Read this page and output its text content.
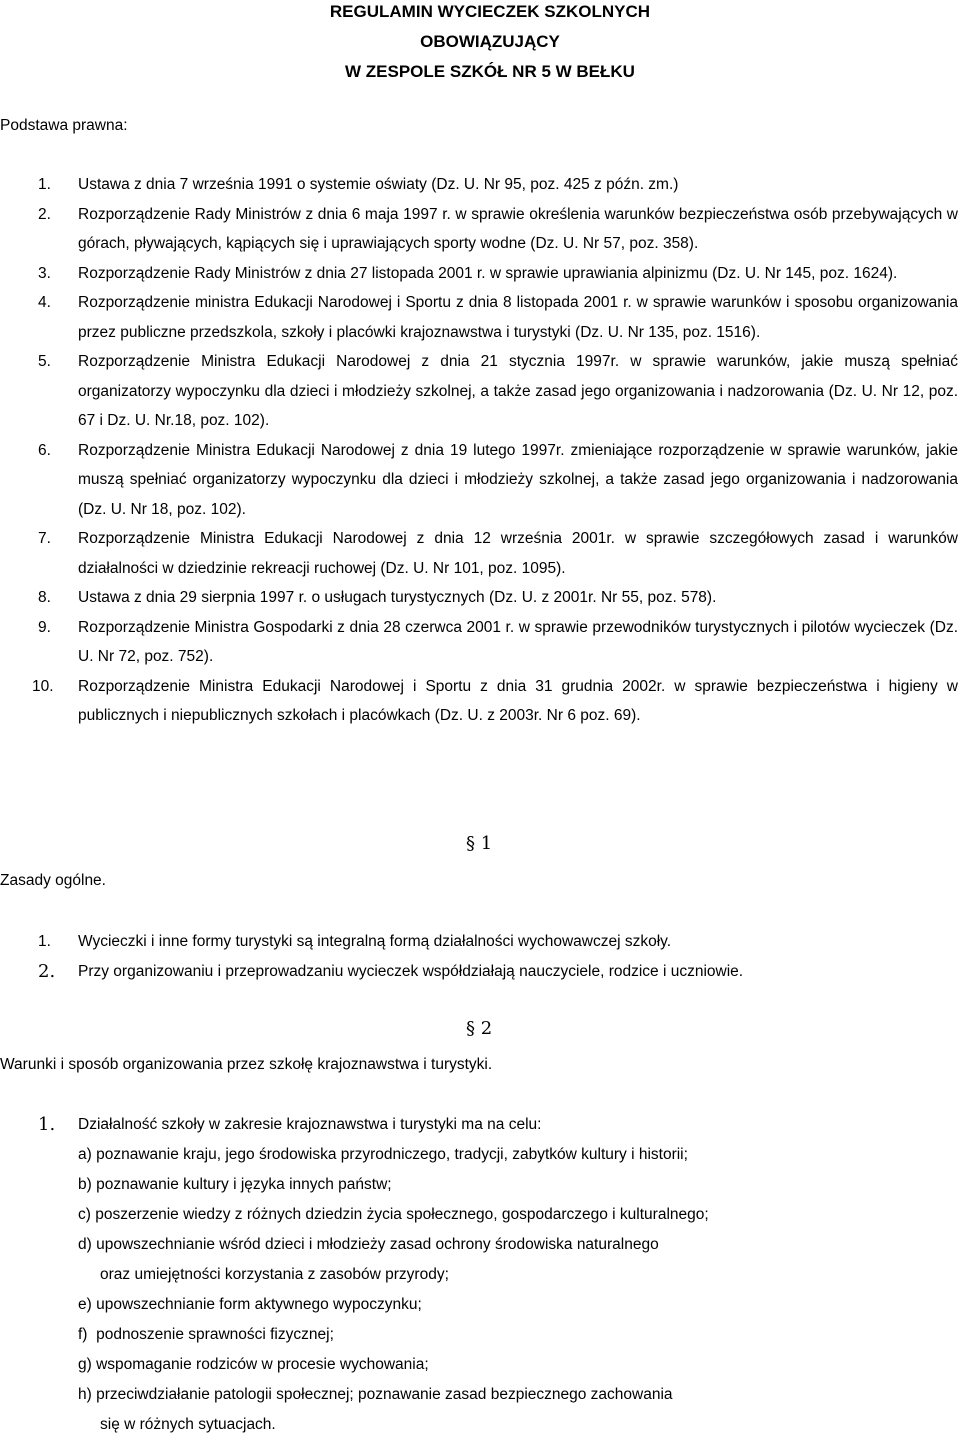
REGULAMIN WYCIECZEK SZKOLNYCH
OBOWIĄZUJĄCY
W ZESPOLE SZKÓŁ NR 5 W BEŁKU
Podstawa prawna:
1. Ustawa z dnia 7 września 1991 o systemie oświaty (Dz. U. Nr 95, poz. 425 z późn. zm.)
2. Rozporządzenie Rady Ministrów z dnia 6 maja 1997 r. w sprawie określenia warunków bezpieczeństwa osób przebywających w górach, pływających, kąpiących się i uprawiających sporty wodne (Dz. U. Nr 57, poz. 358).
3. Rozporządzenie Rady Ministrów z dnia 27 listopada 2001 r. w sprawie uprawiania alpinizmu (Dz. U. Nr 145, poz. 1624).
4. Rozporządzenie ministra Edukacji Narodowej i Sportu z dnia 8 listopada 2001 r. w sprawie warunków i sposobu organizowania przez publiczne przedszkola, szkoły i placówki krajoznawstwa i turystyki (Dz. U. Nr 135, poz. 1516).
5. Rozporządzenie Ministra Edukacji Narodowej z dnia 21 stycznia 1997r. w sprawie warunków, jakie muszą spełniać organizatorzy wypoczynku dla dzieci i młodzieży szkolnej, a także zasad jego organizowania i nadzorowania (Dz. U. Nr 12, poz. 67 i Dz. U. Nr.18, poz. 102).
6. Rozporządzenie Ministra Edukacji Narodowej z dnia 19 lutego 1997r. zmieniające rozporządzenie w sprawie warunków, jakie muszą spełniać organizatorzy wypoczynku dla dzieci i młodzieży szkolnej, a także zasad jego organizowania i nadzorowania (Dz. U. Nr 18, poz. 102).
7. Rozporządzenie Ministra Edukacji Narodowej z dnia 12 września 2001r. w sprawie szczegółowych zasad i warunków działalności w dziedzinie rekreacji ruchowej (Dz. U. Nr 101, poz. 1095).
8. Ustawa z dnia 29 sierpnia 1997 r. o usługach turystycznych (Dz. U. z 2001r. Nr 55, poz. 578).
9. Rozporządzenie Ministra Gospodarki z dnia 28 czerwca 2001 r. w sprawie przewodników turystycznych i pilotów wycieczek (Dz. U. Nr 72, poz. 752).
10. Rozporządzenie Ministra Edukacji Narodowej i Sportu z dnia 31 grudnia 2002r. w sprawie bezpieczeństwa i higieny w publicznych i niepublicznych szkołach i placówkach (Dz. U. z 2003r. Nr 6 poz. 69).
§ 1
Zasady ogólne.
1. Wycieczki i inne formy turystyki są integralną formą działalności wychowawczej szkoły.
2. Przy organizowaniu i przeprowadzaniu wycieczek współdziałają nauczyciele, rodzice i uczniowie.
§ 2
Warunki i sposób organizowania przez szkołę krajoznawstwa i turystyki.
1. Działalność szkoły w zakresie krajoznawstwa i turystyki ma na celu:
a) poznawanie kraju, jego środowiska przyrodniczego, tradycji, zabytków kultury i historii;
b) poznawanie kultury i języka innych państw;
c) poszerzenie wiedzy z różnych dziedzin życia społecznego, gospodarczego i kulturalnego;
d) upowszechnianie wśród dzieci i młodzieży zasad ochrony środowiska naturalnego
oraz umiejętności korzystania z zasobów przyrody;
e) upowszechnianie form aktywnego wypoczynku;
f)  podnoszenie sprawności fizycznej;
g) wspomaganie rodziców w procesie wychowania;
h) przeciwdziałanie patologii społecznej; poznawanie zasad bezpiecznego zachowania
się w różnych sytuacjach.
